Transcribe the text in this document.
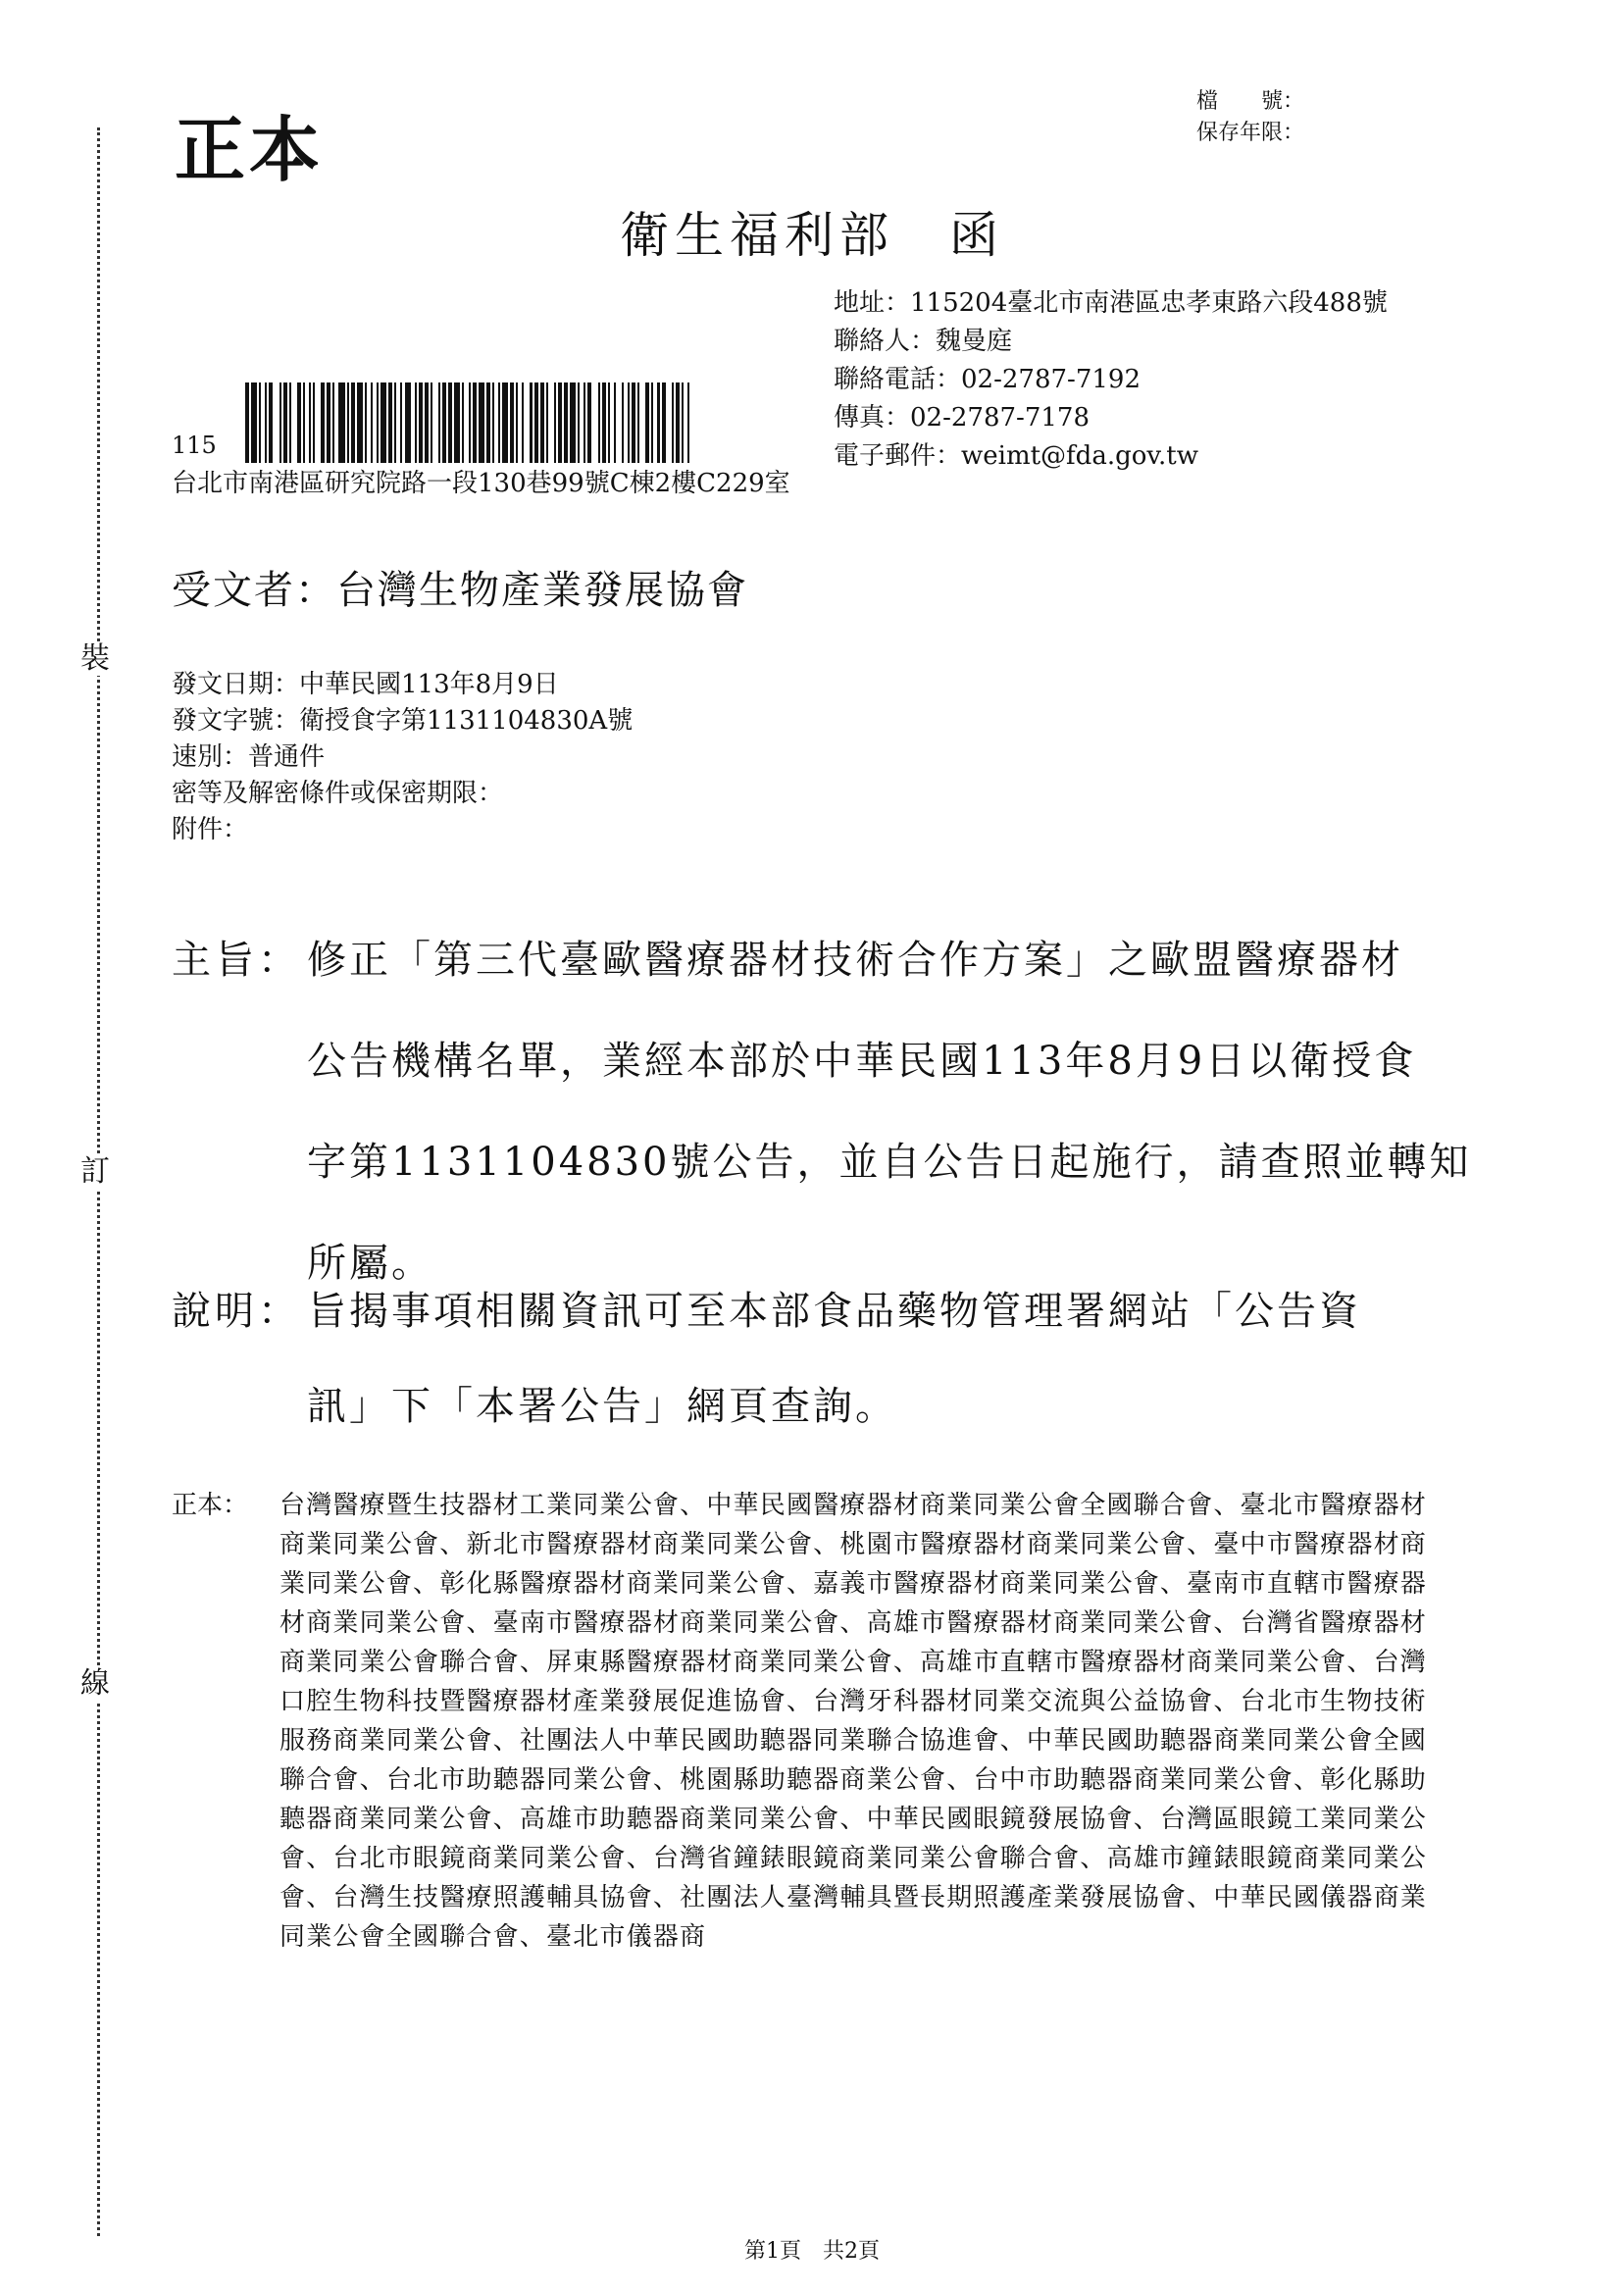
裝
訂
線
正本
檔　　號：
保存年限：
衛生福利部　函
地址：115204臺北市南港區忠孝東路六段488號
聯絡人：魏曼庭
聯絡電話：02-2787-7192
傳真：02-2787-7178
電子郵件：weimt@fda.gov.tw
115
台北市南港區研究院路一段130巷99號C棟2樓C229室
受文者：台灣生物產業發展協會
發文日期：中華民國113年8月9日
發文字號：衛授食字第1131104830A號
速別：普通件
密等及解密條件或保密期限：
附件：
主旨： 修正「第三代臺歐醫療器材技術合作方案」之歐盟醫療器材
公告機構名單，業經本部於中華民國113年8月9日以衛授食
字第1131104830號公告，並自公告日起施行，請查照並轉知
所屬。
說明： 旨揭事項相關資訊可至本部食品藥物管理署網站「公告資
訊」下「本署公告」網頁查詢。
正本： 台灣醫療暨生技器材工業同業公會、中華民國醫療器材商業同業公會全國聯合會、臺北市醫療器材商業同業公會、新北市醫療器材商業同業公會、桃園市醫療器材商業同業公會、臺中市醫療器材商業同業公會、彰化縣醫療器材商業同業公會、嘉義市醫療器材商業同業公會、臺南市直轄市醫療器材商業同業公會、臺南市醫療器材商業同業公會、高雄市醫療器材商業同業公會、台灣省醫療器材商業同業公會聯合會、屏東縣醫療器材商業同業公會、高雄市直轄市醫療器材商業同業公會、台灣口腔生物科技暨醫療器材產業發展促進協會、台灣牙科器材同業交流與公益協會、台北市生物技術服務商業同業公會、社團法人中華民國助聽器同業聯合協進會、中華民國助聽器商業同業公會全國聯合會、台北市助聽器同業公會、桃園縣助聽器商業公會、台中市助聽器商業同業公會、彰化縣助聽器商業同業公會、高雄市助聽器商業同業公會、中華民國眼鏡發展協會、台灣區眼鏡工業同業公會、台北市眼鏡商業同業公會、台灣省鐘錶眼鏡商業同業公會聯合會、高雄市鐘錶眼鏡商業同業公會、台灣生技醫療照護輔具協會、社團法人臺灣輔具暨長期照護產業發展協會、中華民國儀器商業同業公會全國聯合會、臺北市儀器商
第1頁　共2頁
